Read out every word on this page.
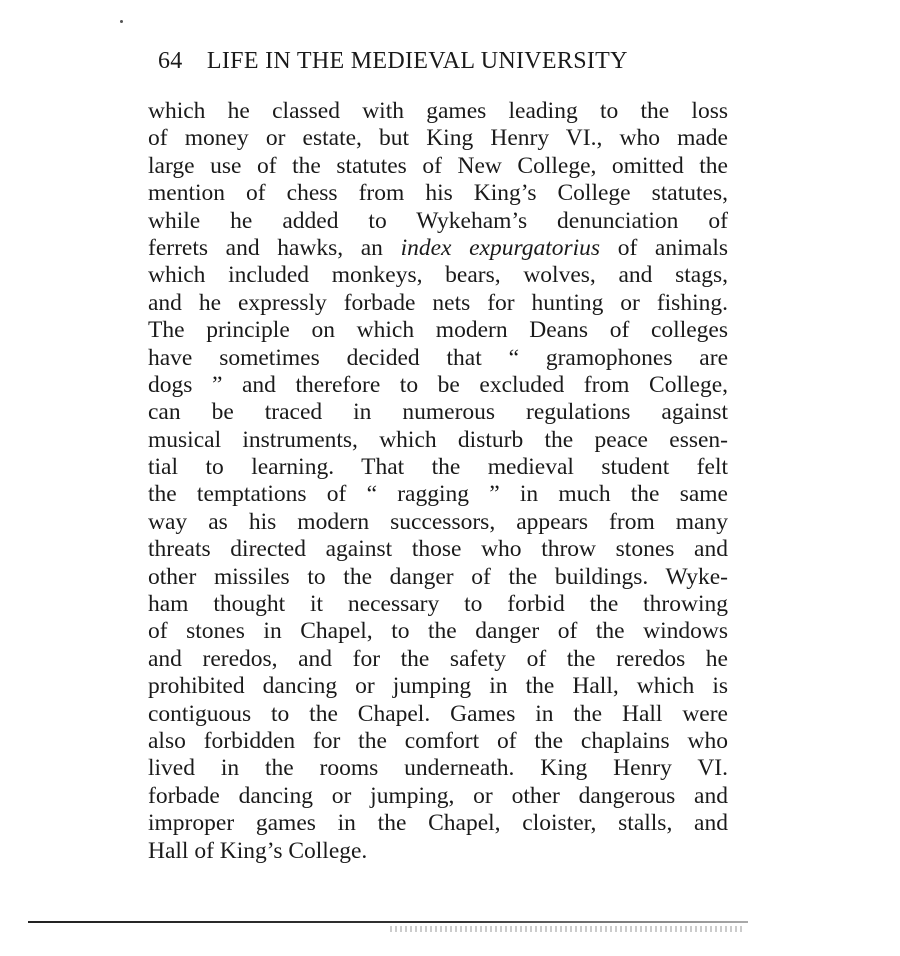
64 LIFE IN THE MEDIEVAL UNIVERSITY
which he classed with games leading to the loss
of money or estate, but King Henry VI., who made
large use of the statutes of New College, omitted the
mention of chess from his King’s College statutes,
while he added to Wykeham’s denunciation of
ferrets and hawks, an index expurgatorius of animals
which included monkeys, bears, wolves, and stags,
and he expressly forbade nets for hunting or fishing.
The principle on which modern Deans of colleges
have sometimes decided that “ gramophones are
dogs ” and therefore to be excluded from College,
can be traced in numerous regulations against
musical instruments, which disturb the peace essen-
tial to learning. That the medieval student felt
the temptations of “ ragging ” in much the same
way as his modern successors, appears from many
threats directed against those who throw stones and
other missiles to the danger of the buildings. Wyke-
ham thought it necessary to forbid the throwing
of stones in Chapel, to the danger of the windows
and reredos, and for the safety of the reredos he
prohibited dancing or jumping in the Hall, which is
contiguous to the Chapel. Games in the Hall were
also forbidden for the comfort of the chaplains who
lived in the rooms underneath. King Henry VI.
forbade dancing or jumping, or other dangerous and
improper games in the Chapel, cloister, stalls, and
Hall of King’s College.
